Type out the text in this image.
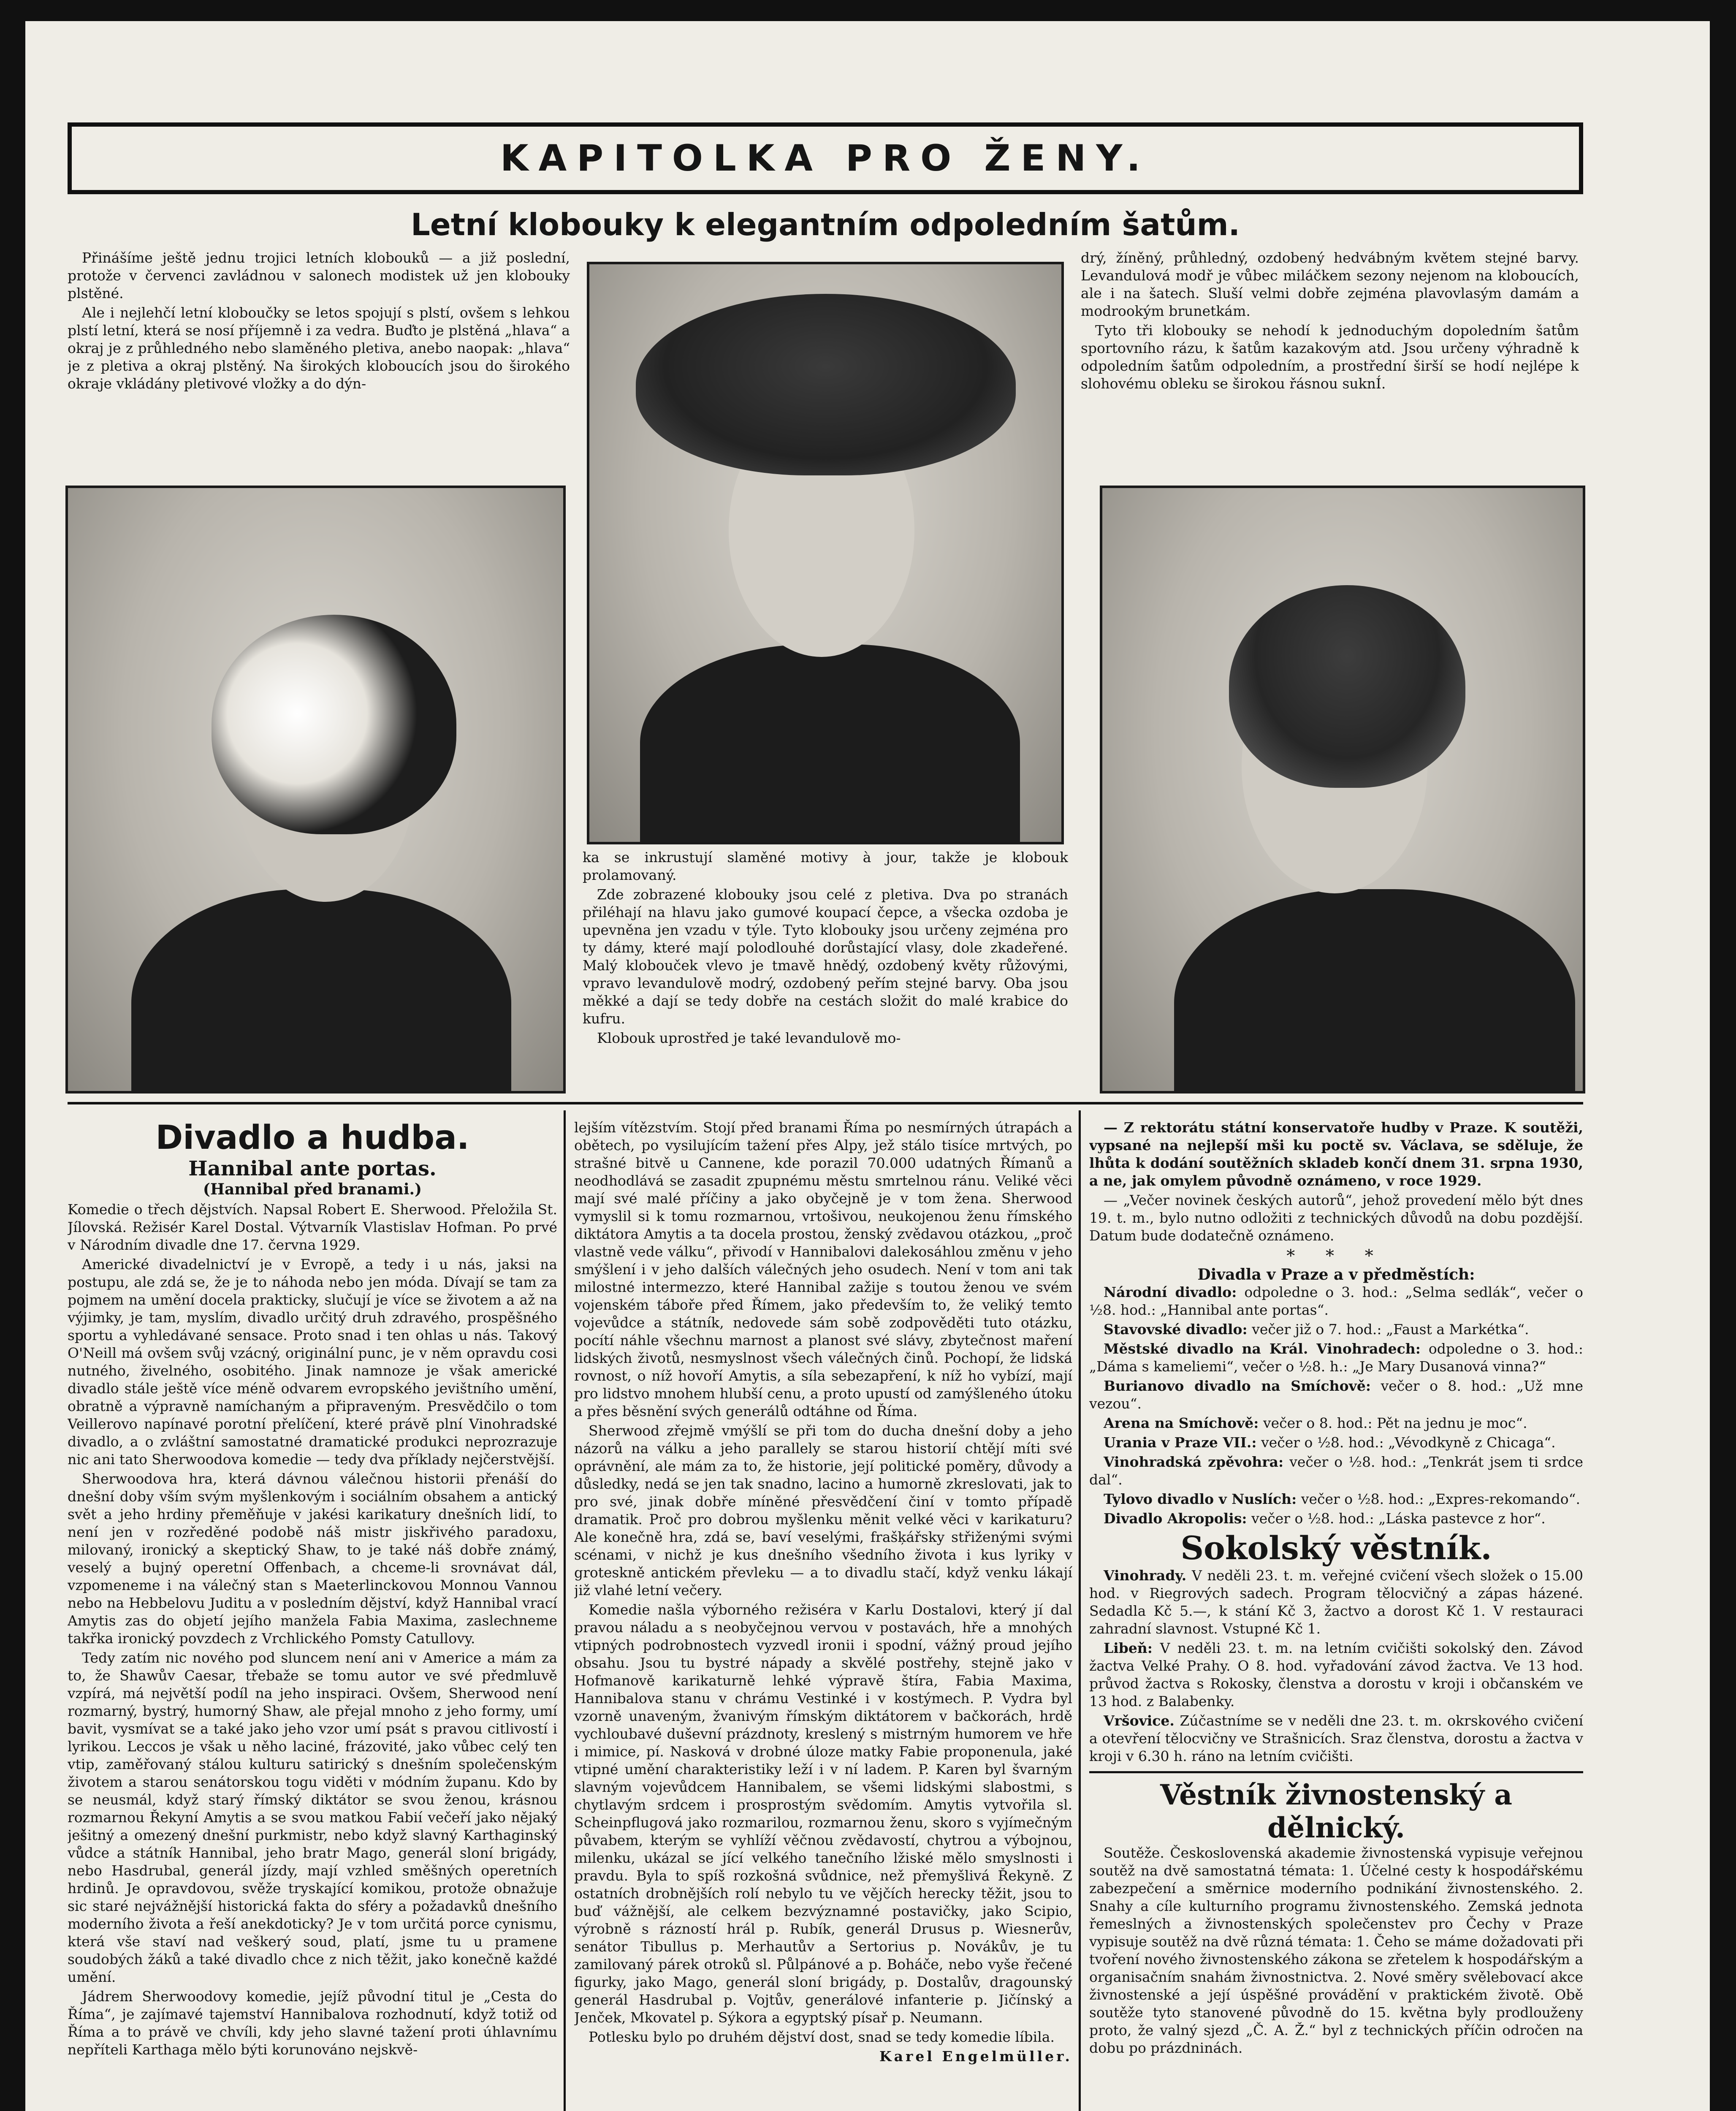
KAPITOLKA PRO ŽENY.
Letní klobouky k elegantním odpoledním šatům.

Přinášíme ještě jednu trojici letních klobouků — a již poslední, protože v červenci zavládnou v salonech modistek už jen klobouky plstěné.

Ale i nejlehčí letní kloboučky se letos spojují s plstí, ovšem s lehkou plstí letní, která se nosí příjemně i za vedra. Buďto je plstěná „hlava“ a okraj je z průhledného nebo slaměného pletiva, anebo naopak: „hlava“ je z pletiva a okraj plstěný. Na širokých kloboucích jsou do širokého okraje vkládány pletivové vložky a do dýn-

ka se inkrustují slaměné motivy à jour, takže je klobouk prolamovaný.

Zde zobrazené klobouky jsou celé z pletiva. Dva po stranách přiléhají na hlavu jako gumové koupací čepce, a všecka ozdoba je upevněna jen vzadu v týle. Tyto klobouky jsou určeny zejména pro ty dámy, které mají polodlouhé dorůstající vlasy, dole zkadeřené. Malý klobouček vlevo je tmavě hnědý, ozdobený květy růžovými, vpravo levandulově modrý, ozdobený peřím stejné barvy. Oba jsou měkké a dají se tedy dobře na cestách složit do malé krabice do kufru.

Klobouk uprostřed je také levandulově mo-

drý, žíněný, průhledný, ozdobený hedvábným květem stejné barvy. Levandulová modř je vůbec miláčkem sezony nejenom na kloboucích, ale i na šatech. Sluší velmi dobře zejména plavovlasým damám a modrookým brunetkám.

Tyto tři klobouky se nehodí k jednoduchým dopoledním šatům sportovního rázu, k šatům kazakovým atd. Jsou určeny výhradně k odpoledním šatům odpoledním, a prostřední širší se hodí nejlépe k slohovému obleku se širokou řásnou suknÍ.

Divadlo a hudba.
Hannibal ante portas.
(Hannibal před branami.)

Komedie o třech dějstvích. Napsal Robert E. Sherwood. Přeložila St. Jílovská. Režisér Karel Dostal. Výtvarník Vlastislav Hofman. Po prvé v Národním divadle dne 17. června 1929.

Americké divadelnictví je v Evropě, a tedy i u nás, jaksi na postupu, ale zdá se, že je to náhoda nebo jen móda. Dívají se tam za pojmem na umění docela prakticky, slučují je více se životem a až na výjimky, je tam, myslím, divadlo určitý druh zdravého, prospěšného sportu a vyhledávané sensace. Proto snad i ten ohlas u nás. Takový O'Neill má ovšem svůj vzácný, originální punc, je v něm opravdu cosi nutného, živelného, osobitého. Jinak namnoze je však americké divadlo stále ještě více méně odvarem evropského jevištního umění, obratně a výpravně namíchaným a připraveným. Presvědčilo o tom Veillerovo napínavé porotní přelíčení, které právě plní Vinohradské divadlo, a o zvláštní samostatné dramatické produkci neprozrazuje nic ani tato Sherwoodova komedie — tedy dva příklady nejčerstvější.

Sherwoodova hra, která dávnou válečnou historii přenáší do dnešní doby vším svým myšlenkovým i sociálním obsahem a antický svět a jeho hrdiny přeměňuje v jakési karikatury dnešních lidí, to není jen v rozředěné podobě náš mistr jiskřivého paradoxu, milovaný, ironický a skeptický Shaw, to je také náš dobře známý, veselý a bujný operetní Offenbach, a chceme-li srovnávat dál, vzpomeneme i na válečný stan s Maeterlinckovou Monnou Vannou nebo na Hebbelovu Juditu a v posledním dějství, když Hannibal vrací Amytis zas do objetí jejího manžela Fabia Maxima, zaslechneme takřka ironický povzdech z Vrchlického Pomsty Catullovy.

Tedy zatím nic nového pod sluncem není ani v Americe a mám za to, že Shawův Caesar, třebaže se tomu autor ve své předmluvě vzpírá, má největší podíl na jeho inspiraci. Ovšem, Sherwood není rozmarný, bystrý, humorný Shaw, ale přejal mnoho z jeho formy, umí bavit, vysmívat se a také jako jeho vzor umí psát s pravou citlivostí i lyrikou. Leccos je však u něho laciné, frázovité, jako vůbec celý ten vtip, zaměřovaný stálou kulturu satirický s dnešním společenským životem a starou senátorskou togu viděti v módním županu. Kdo by se neusmál, když starý římský diktátor se svou ženou, krásnou rozmarnou Řekyní Amytis a se svou matkou Fabií večeří jako nějaký ješitný a omezený dnešní purkmistr, nebo když slavný Karthaginský vůdce a státník Hannibal, jeho bratr Mago, generál sloní brigády, nebo Hasdrubal, generál jízdy, mají vzhled směšných operetních hrdinů. Je opravdovou, svěže tryskající komikou, protože obnažuje sic staré nejvážnější historická fakta do sféry a požadavků dnešního moderního života a řeší anekdoticky? Je v tom určitá porce cynismu, která vše staví nad veškerý soud, platí, jsme tu u pramene soudobých žáků a také divadlo chce z nich těžit, jako konečně každé umění.

Jádrem Sherwoodovy komedie, jejíž původní titul je „Cesta do Říma“, je zajímavé tajemství Hannibalova rozhodnutí, když totiž od Říma a to právě ve chvíli, kdy jeho slavné tažení proti úhlavnímu nepříteli Karthaga mělo býti korunováno nejskvě-

lejším vítězstvím. Stojí před branami Říma po nesmírných útrapách a obětech, po vysilujícím tažení přes Alpy, jež stálo tisíce mrtvých, po strašné bitvě u Cannene, kde porazil 70.000 udatných Římanů a neodhodlává se zasadit zpupnému městu smrtelnou ránu. Veliké věci mají své malé příčiny a jako obyčejně je v tom žena. Sherwood vymyslil si k tomu rozmarnou, vrtošivou, neukojenou ženu římského diktátora Amytis a ta docela prostou, ženský zvědavou otázkou, „proč vlastně vede válku“, přivodí v Hannibalovi dalekosáhlou změnu v jeho smýšlení i v jeho dalších válečných jeho osudech. Není v tom ani tak milostné intermezzo, které Hannibal zažije s toutou ženou ve svém vojenském táboře před Římem, jako především to, že veliký temto vojevůdce a státník, nedovede sám sobě zodpověděti tuto otázku, pocítí náhle všechnu marnost a planost své slávy, zbytečnost maření lidských životů, nesmyslnost všech válečných činů. Pochopí, že lidská rovnost, o níž hovoří Amytis, a síla sebezapření, k níž ho vybízí, mají pro lidstvo mnohem hlubší cenu, a proto upustí od zamýšleného útoku a přes běsnění svých generálů odtáhne od Říma.

Sherwood zřejmě vmýšlí se při tom do ducha dnešní doby a jeho názorů na válku a jeho parallely se starou historií chtějí míti své oprávnění, ale mám za to, že historie, její politické poměry, důvody a důsledky, nedá se jen tak snadno, lacino a humorně zkreslovati, jak to pro své, jinak dobře míněné přesvědčení činí v tomto případě dramatik. Proč pro dobrou myšlenku měnit velké věci v karikaturu? Ale konečně hra, zdá se, baví veselými, frašķářsky střiženými svými scénami, v nichž je kus dnešního všedního života i kus lyriky v groteskně antickém převleku — a to divadlu stačí, když venku lákají již vlahé letní večery.

Komedie našla výborného režiséra v Karlu Dostalovi, který jí dal pravou náladu a s neobyčejnou vervou v postavách, hře a mnohých vtipných podrobnostech vyzvedl ironii i spodní, vážný proud jejího obsahu. Jsou tu bystré nápady a skvělé postřehy, stejně jako v Hofmanově karikaturně lehké výpravě štíra, Fabia Maxima, Hannibalova stanu v chrámu Vestinké i v kostýmech. P. Vydra byl vzorně unaveným, žvanivým římským diktátorem v bačkorách, hrdě vychloubavé duševní prázdnoty, kreslený s mistrným humorem ve hře i mimice, pí. Nasková v drobné úloze matky Fabie proponenula, jaké vtipné umění charakteristiky leží i v ní ladem. P. Karen byl švarným slavným vojevůdcem Hannibalem, se všemi lidskými slabostmi, s chytlavým srdcem i prosprostým svědomím. Amytis vytvořila sl. Scheinpflugová jako rozmarilou, rozmarnou ženu, skoro s vyjímečným půvabem, kterým se vyhlíží věčnou zvědavostí, chytrou a výbojnou, milenku, ukázal se jící velkého tanečního lžiské mělo smyslnosti i pravdu. Byla to spíš rozkošná svůdnice, než přemyšlivá Řekyně. Z ostatních drobnějších rolí nebylo tu ve vějčích herecky těžit, jsou to buď vážnější, ale celkem bezvýznamné postavičky, jako Scipio, výrobně s rázností hrál p. Rubík, generál Drusus p. Wiesnerův, senátor Tibullus p. Merhautův a Sertorius p. Novákův, je tu zamilovaný párek otroků sl. Půlpánové a p. Boháče, nebo vyše řečené figurky, jako Mago, generál sloní brigády, p. Dostalův, dragounský generál Hasdrubal p. Vojtův, generálové infanterie p. Jičínský a Jenček, Mkovatel p. Sýkora a egyptský písař p. Neumann.

Potlesku bylo po druhém dějství dost, snad se tedy komedie líbila.

Karel Engelmüller.

— Z rektorátu státní konservatoře hudby v Praze. K soutěži, vypsané na nejlepší mši ku poctě sv. Václava, se sděluje, že lhůta k dodání soutěžních skladeb končí dnem 31. srpna 1930, a ne, jak omylem původně oznámeno, v roce 1929.

— „Večer novinek českých autorů“, jehož provedení mělo být dnes 19. t. m., bylo nutno odložiti z technických důvodů na dobu pozdější. Datum bude dodatečně oznámeno.

* * *
Divadla v Praze a v předměstích:

Národní divadlo: odpoledne o 3. hod.: „Selma sedlák“, večer o ½8. hod.: „Hannibal ante portas“.

Stavovské divadlo: večer již o 7. hod.: „Faust a Markétka“.

Městské divadlo na Král. Vinohradech: odpoledne o 3. hod.: „Dáma s kameliemi“, večer o ½8. h.: „Je Mary Dusanová vinna?“

Burianovo divadlo na Smíchově: večer o 8. hod.: „Už mne vezou“.

Arena na Smíchově: večer o 8. hod.: Pět na jednu je moc“.

Urania v Praze VII.: večer o ½8. hod.: „Vévodkyně z Chicaga“.

Vinohradská zpěvohra: večer o ½8. hod.: „Tenkrát jsem ti srdce dal“.

Tylovo divadlo v Nuslích: večer o ½8. hod.: „Expres-rekomando“.

Divadlo Akropolis: večer o ½8. hod.: „Láska pastevce z hor“.

Sokolský věstník.

Vinohrady. V neděli 23. t. m. veřejné cvičení všech složek o 15.00 hod. v Riegrových sadech. Program tělocvičný a zápas házené. Sedadla Kč 5.—, k stání Kč 3, žactvo a dorost Kč 1. V restauraci zahradní slavnost. Vstupné Kč 1.

Libeň: V neděli 23. t. m. na letním cvičišti sokolský den. Závod žactva Velké Prahy. O 8. hod. vyřadování závod žactva. Ve 13 hod. průvod žactva s Rokosky, členstva a dorostu v kroji i občanském ve 13 hod. z Balabenky.

Vršovice. Zúčastníme se v neděli dne 23. t. m. okrskového cvičení a otevření tělocvičny ve Strašnicích. Sraz členstva, dorostu a žactva v kroji v 6.30 h. ráno na letním cvičišti.

Věstník živnostenský a dělnický.

Soutěže. Československá akademie živnostenská vypisuje veřejnou soutěž na dvě samostatná témata: 1. Účelné cesty k hospodářskému zabezpečení a směrnice moderního podnikání živnostenského. 2. Snahy a cíle kulturního programu živnostenského. Zemská jednota řemeslných a živnostenských společenstev pro Čechy v Praze vypisuje soutěž na dvě různá témata: 1. Čeho se máme dožadovati při tvoření nového živnostenského zákona se zřetelem k hospodářským a organisačním snahám živnostnictva. 2. Nové směry svělebovací akce živnostenské a její úspěšné provádění v praktickém životě. Obě soutěže tyto stanovené původně do 15. května byly prodlouženy proto, že valný sjezd „Č. A. Ž.“ byl z technických příčin odročen na dobu po prázdninách.
